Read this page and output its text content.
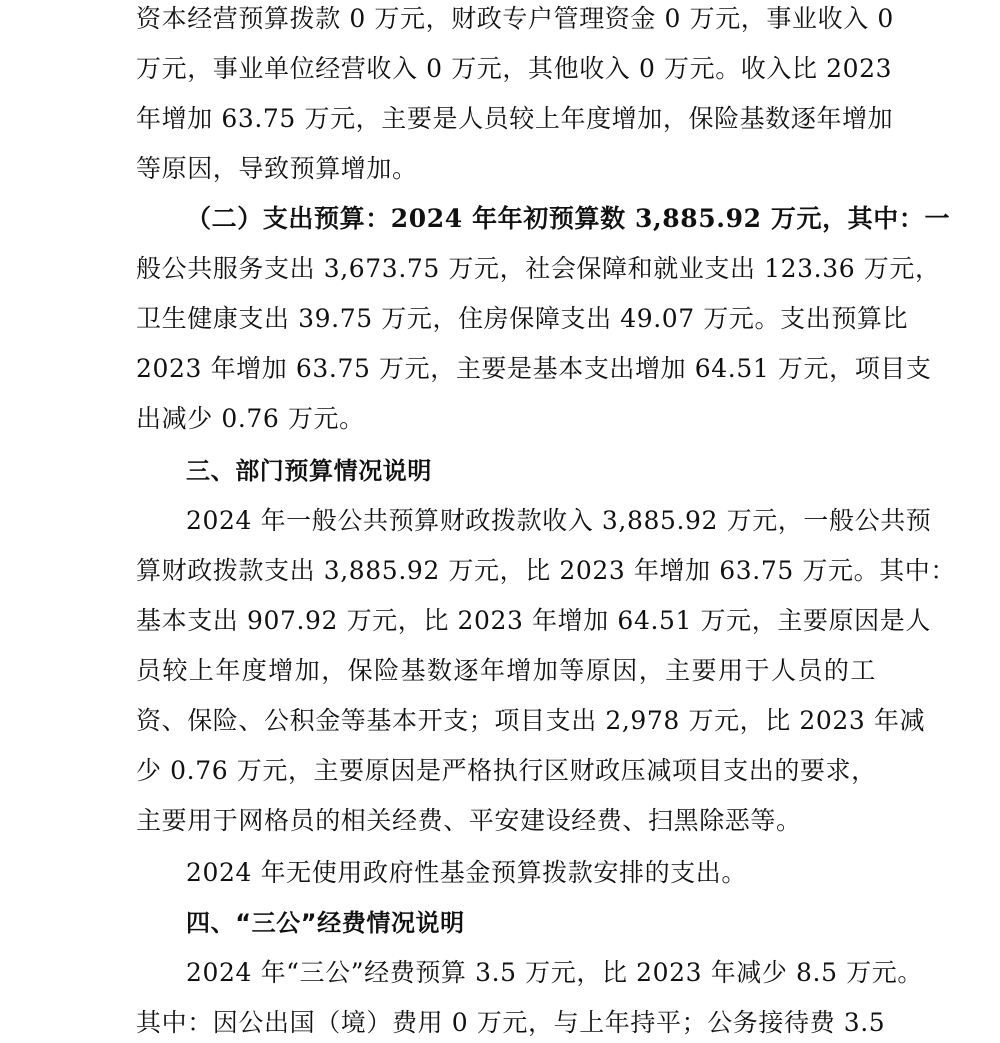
资本经营预算拨款 0 万元，财政专户管理资金 0 万元，事业收入 0
万元，事业单位经营收入 0 万元，其他收入 0 万元。收入比 2023
年增加 63.75 万元，主要是人员较上年度增加，保险基数逐年增加
等原因，导致预算增加。
（二）支出预算：2024 年年初预算数 3,885.92 万元，其中：一
般公共服务支出 3,673.75 万元，社会保障和就业支出 123.36 万元，
卫生健康支出 39.75 万元，住房保障支出 49.07 万元。支出预算比
2023 年增加 63.75 万元，主要是基本支出增加 64.51 万元，项目支
出减少 0.76 万元。
三、部门预算情况说明
2024 年一般公共预算财政拨款收入 3,885.92 万元，一般公共预
算财政拨款支出 3,885.92 万元，比 2023 年增加 63.75 万元。其中：
基本支出 907.92 万元，比 2023 年增加 64.51 万元，主要原因是人
员较上年度增加，保险基数逐年增加等原因，主要用于人员的工
资、保险、公积金等基本开支；项目支出 2,978 万元，比 2023 年减
少 0.76 万元，主要原因是严格执行区财政压减项目支出的要求，
主要用于网格员的相关经费、平安建设经费、扫黑除恶等。
2024 年无使用政府性基金预算拨款安排的支出。
四、“三公”经费情况说明
2024 年“三公”经费预算 3.5 万元，比 2023 年减少 8.5 万元。
其中：因公出国（境）费用 0 万元，与上年持平；公务接待费 3.5
